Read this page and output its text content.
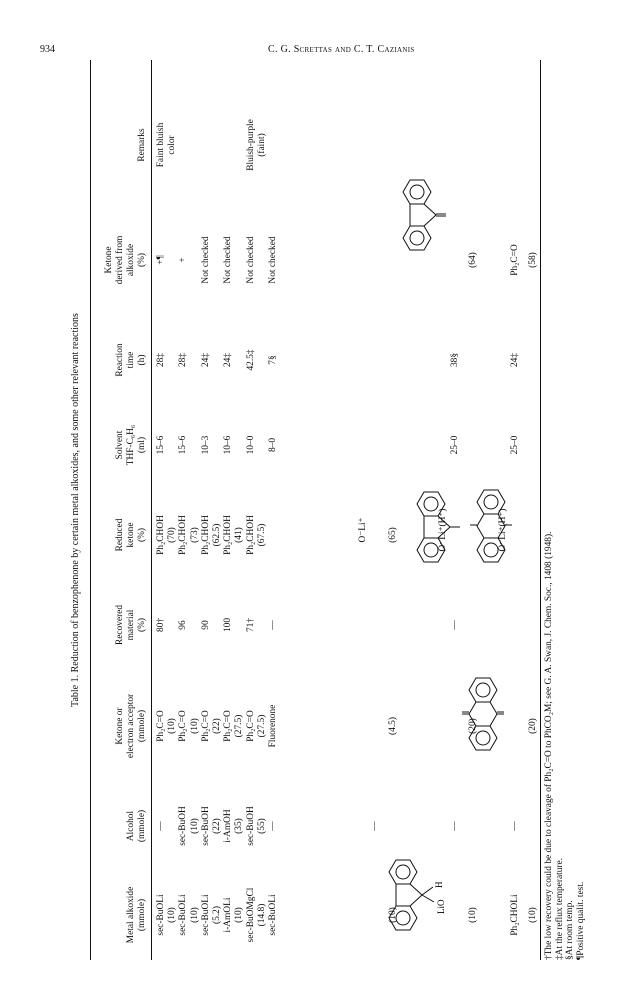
934	C. G. Screttas and C. T. Cazianis
Table 1. Reduction of benzophenone by certain metal alkoxides, and some other relevant reactions
Metal alkoxide (mmole)
Alcohol (mmole)
Ketone or electron acceptor (mmole)
Recovered material (%)
Reduced ketone (%)
Solvent THF-C₆H₆ (ml)
Reaction time (h)
Ketone derived from alkoxide (%)
Remarks
sec-BuOLi
—
Ph₂C=O
80†
Ph₂CHOH
15–6
28‡
+¶
Faint bluish
(10)
(10)
(70)
color
sec-BuOLi
sec-BuOH
Ph₂C=O
96
Ph₂CHOH
15–6
28‡
+
(10)
(10)
(10)
(73)
sec-BuOLi
sec-BuOH
Ph₂C=O
90
Ph₂CHOH
10–3
24‡
Not checked
(5.2)
(22)
(22)
(62.5)
i-AmOLi
i-AmOH
Ph₂C=O
100
Ph₂CHOH
10–6
24‡
Not checked
(10)
(35)
(27.5)
(41)
sec-BuOMgCl
sec-BuOH
Ph₂C=O
71†
Ph₂CHOH
10–0
42.5‡
Not checked
Bluish-purple
(14.8)
(55)
(27.5)
(67.5)
(faint)
sec-BuOLi
—
Fluorenone
—
8–0
7§
Not checked
—
(10)
(4.5)
(65)
O⁻Li⁺
—
—
25–0
38§
(10)
(20)
(64)
O⁻Li⁺(H⁺)
Ph₂CHOLi
—
25–0
24‡
Ph₂C=O
(10)
(20)
(58)
O⁻Li⁺(H⁺)
LiO
H	†The low recovery could be due to cleavage of Ph₂C=O to PhCO₂M; see G. A. Swan, J. Chem. Soc., 1408 (1948). ‡At the reflux temperature. §At room temp. ¶Positive qualit. test.
